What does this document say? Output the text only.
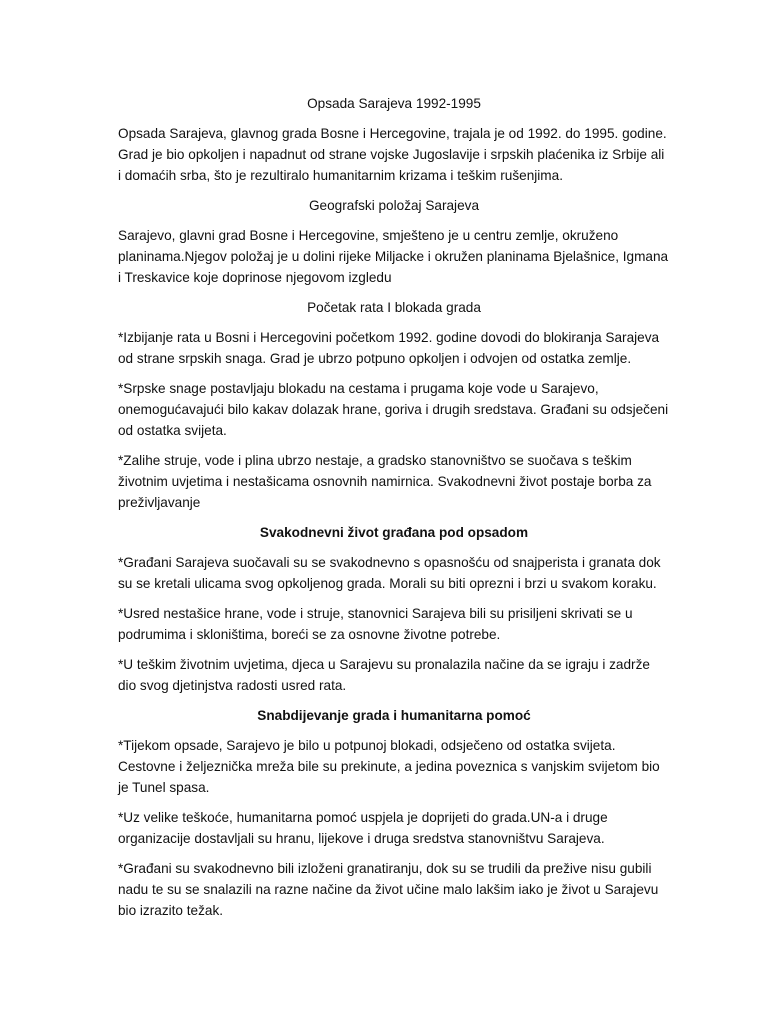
Opsada Sarajeva 1992-1995
Opsada Sarajeva, glavnog grada Bosne i Hercegovine, trajala je od 1992. do 1995. godine. Grad je bio opkoljen i napadnut od strane vojske Jugoslavije i srpskih plaćenika iz Srbije ali i domaćih srba, što je rezultiralo humanitarnim krizama i teškim rušenjima.
Geografski položaj Sarajeva
Sarajevo, glavni grad Bosne i Hercegovine, smješteno je u centru zemlje, okruženo planinama.Njegov položaj je u dolini rijeke Miljacke i okružen planinama Bjelašnice, Igmana i Treskavice koje doprinose njegovom izgledu
Početak rata I blokada grada
*Izbijanje rata u Bosni i Hercegovini početkom 1992. godine dovodi do blokiranja Sarajeva od strane srpskih snaga. Grad je ubrzo potpuno opkoljen i odvojen od ostatka zemlje.
*Srpske snage postavljaju blokadu na cestama i prugama koje vode u Sarajevo, onemogućavajući bilo kakav dolazak hrane, goriva i drugih sredstava. Građani su odsječeni od ostatka svijeta.
*Zalihe struje, vode i plina ubrzo nestaje, a gradsko stanovništvo se suočava s teškim životnim uvjetima i nestašicama osnovnih namirnica. Svakodnevni život postaje borba za preživljavanje
Svakodnevni život građana pod opsadom
*Građani Sarajeva suočavali su se svakodnevno s opasnošću od snajperista i granata dok su se kretali ulicama svog opkoljenog grada. Morali su biti oprezni i brzi u svakom koraku.
*Usred nestašice hrane, vode i struje, stanovnici Sarajeva bili su prisiljeni skrivati se u podrumima i skloništima, boreći se za osnovne životne potrebe.
*U teškim životnim uvjetima, djeca u Sarajevu su pronalazila načine da se igraju i zadrže dio svog djetinjstva radosti usred rata.
Snabdijevanje grada i humanitarna pomoć
*Tijekom opsade, Sarajevo je bilo u potpunoj blokadi, odsječeno od ostatka svijeta. Cestovne i željeznička mreža bile su prekinute, a jedina poveznica s vanjskim svijetom bio je Tunel spasa.
*Uz velike teškoće, humanitarna pomoć uspjela je doprijeti do grada.UN-a i druge organizacije dostavljali su hranu, lijekove i druga sredstva stanovništvu Sarajeva.
*Građani su svakodnevno bili izloženi granatiranju, dok su se trudili da prežive nisu gubili nadu te su se snalazili na razne načine da život učine malo lakšim iako je život u Sarajevu bio izrazito težak.
